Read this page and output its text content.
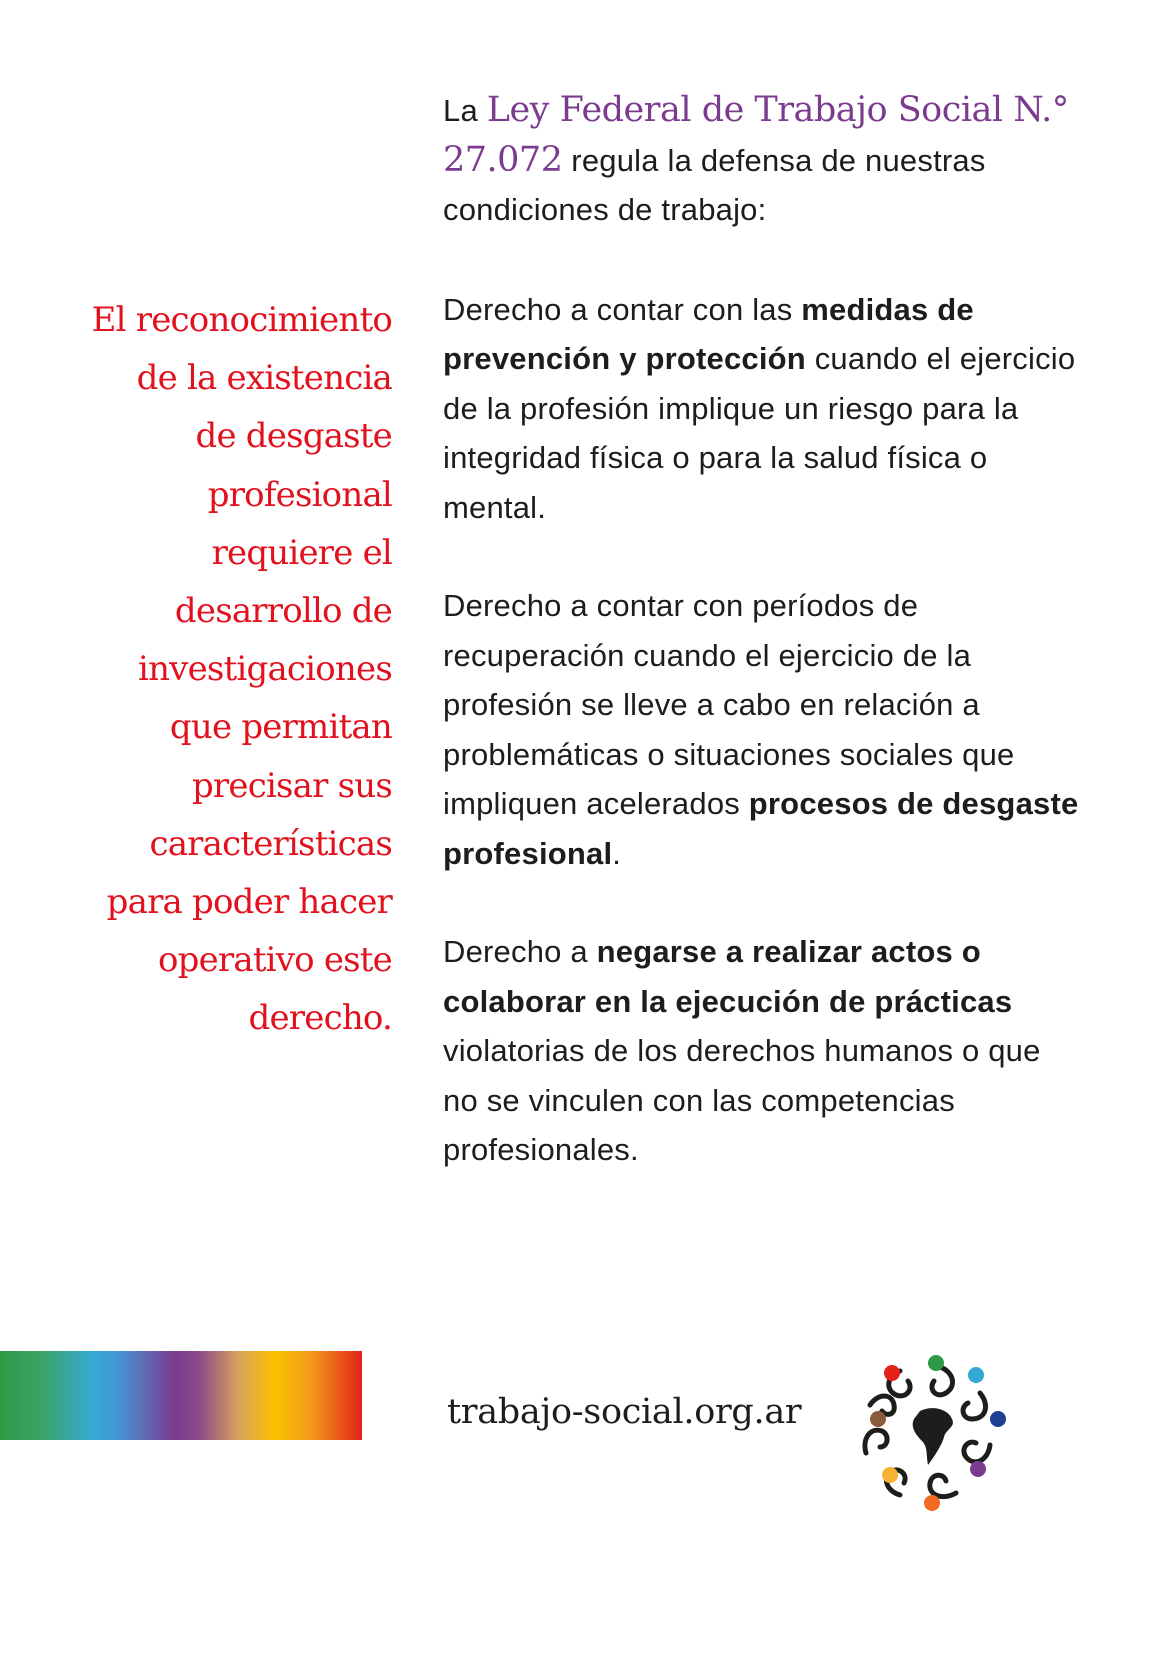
La Ley Federal de Trabajo Social N.° 27.072 regula la defensa de nuestras condiciones de trabajo:

Derecho a contar con las medidas de prevención y protección cuando el ejercicio de la profesión implique un riesgo para la integridad física o para la salud física o mental.

Derecho a contar con períodos de recuperación cuando el ejercicio de la profesión se lleve a cabo en relación a problemáticas o situaciones sociales que impliquen acelerados procesos de desgaste profesional.

Derecho a negarse a realizar actos o colaborar en la ejecución de prácticas violatorias de los derechos humanos o que no se vinculen con las competencias profesionales.

El reconocimiento
de la existencia
de desgaste
profesional
requiere el
desarrollo de
investigaciones
que permitan
precisar sus
características
para poder hacer
operativo este
derecho.
trabajo-social.org.ar
